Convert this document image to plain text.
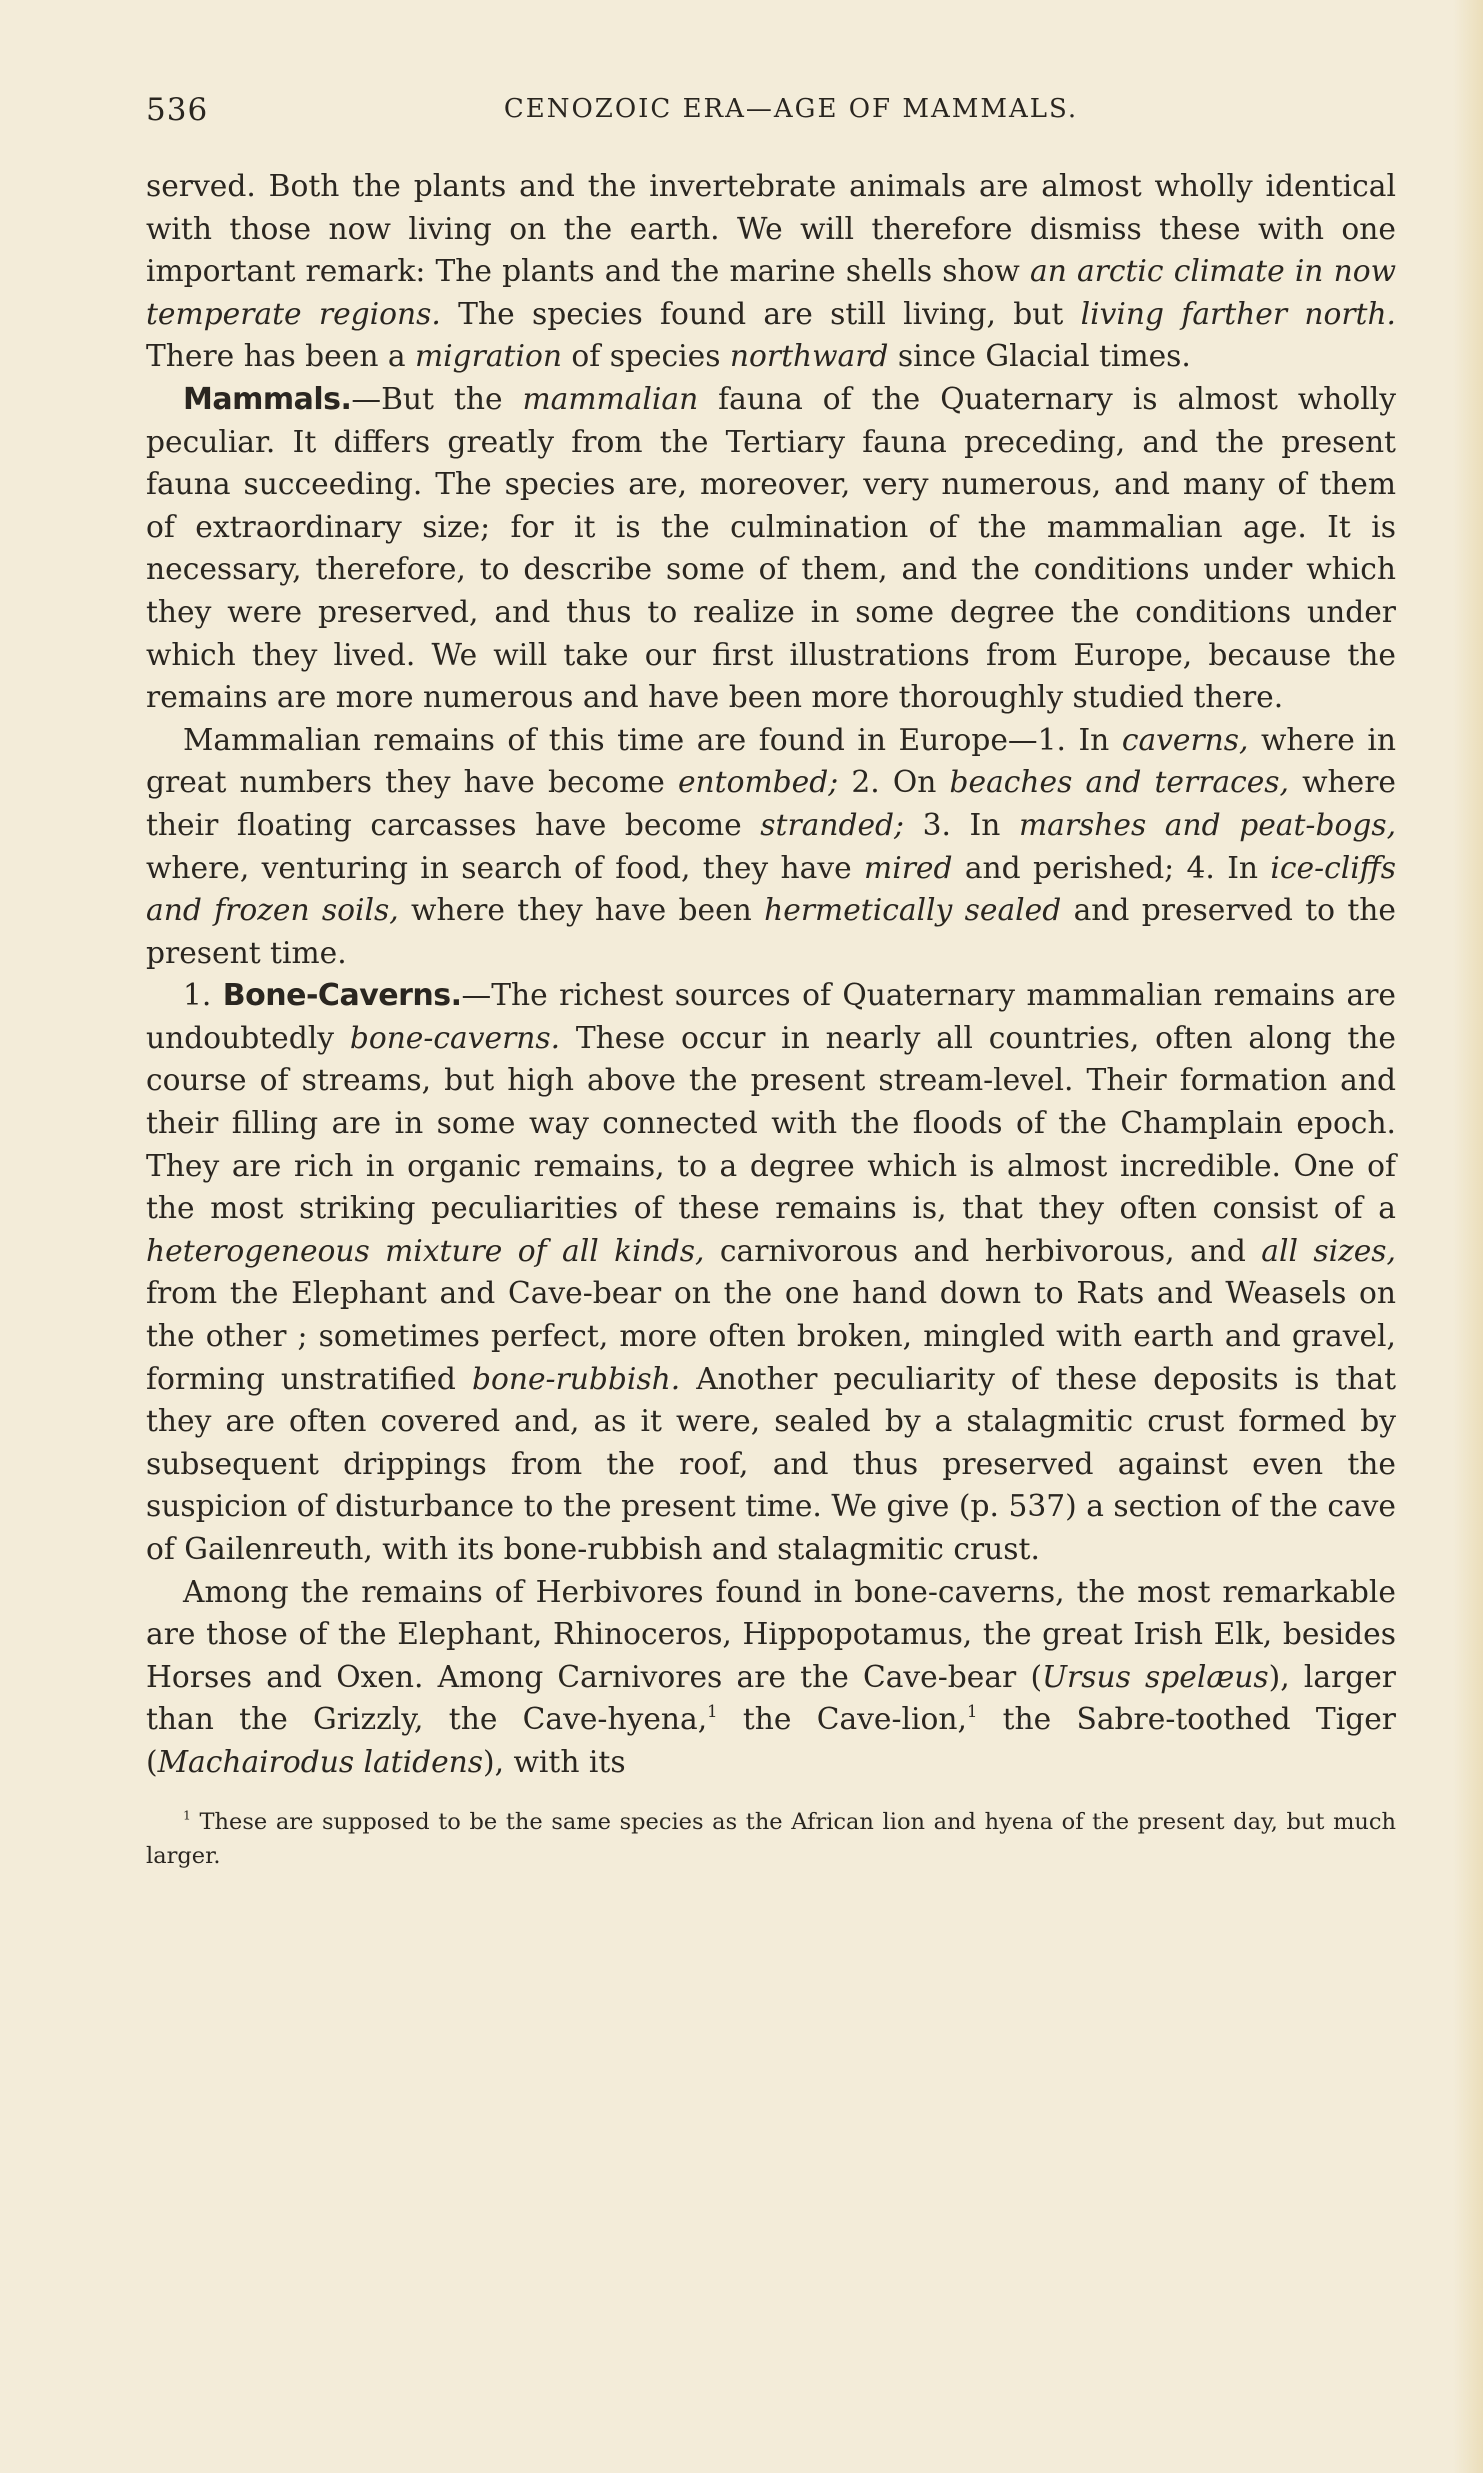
536	CENOZOIC ERA—AGE OF MAMMALS.

served. Both the plants and the invertebrate animals are almost wholly identical with those now living on the earth. We will therefore dismiss these with one important remark: The plants and the marine shells show an arctic climate in now temperate regions. The species found are still living, but living farther north. There has been a migration of species northward since Glacial times.

Mammals.—But the mammalian fauna of the Quaternary is almost wholly peculiar. It differs greatly from the Tertiary fauna preceding, and the present fauna succeeding. The species are, moreover, very numerous, and many of them of extraordinary size; for it is the culmination of the mammalian age. It is necessary, therefore, to describe some of them, and the conditions under which they were preserved, and thus to realize in some degree the conditions under which they lived. We will take our first illustrations from Europe, because the remains are more numerous and have been more thoroughly studied there.

Mammalian remains of this time are found in Europe—1. In caverns, where in great numbers they have become entombed; 2. On beaches and terraces, where their floating carcasses have become stranded; 3. In marshes and peat-bogs, where, venturing in search of food, they have mired and perished; 4. In ice-cliffs and frozen soils, where they have been hermetically sealed and preserved to the present time.

1. Bone-Caverns.—The richest sources of Quaternary mammalian remains are undoubtedly bone-caverns. These occur in nearly all countries, often along the course of streams, but high above the present stream-level. Their formation and their filling are in some way connected with the floods of the Champlain epoch. They are rich in organic remains, to a degree which is almost incredible. One of the most striking peculiarities of these remains is, that they often consist of a heterogeneous mixture of all kinds, carnivorous and herbivorous, and all sizes, from the Elephant and Cave-bear on the one hand down to Rats and Weasels on the other ; sometimes perfect, more often broken, mingled with earth and gravel, forming unstratified bone-rubbish. Another peculiarity of these deposits is that they are often covered and, as it were, sealed by a stalagmitic crust formed by subsequent drippings from the roof, and thus preserved against even the suspicion of disturbance to the present time. We give (p. 537) a section of the cave of Gailenreuth, with its bone-rubbish and stalagmitic crust.

Among the remains of Herbivores found in bone-caverns, the most remarkable are those of the Elephant, Rhinoceros, Hippopotamus, the great Irish Elk, besides Horses and Oxen. Among Carnivores are the Cave-bear (Ursus spelæus), larger than the Grizzly, the Cave-hyena,$^1$ the Cave-lion,$^1$ the Sabre-toothed Tiger (Machairodus latidens), with its

$^1$ These are supposed to be the same species as the African lion and hyena of the present day, but much larger.
